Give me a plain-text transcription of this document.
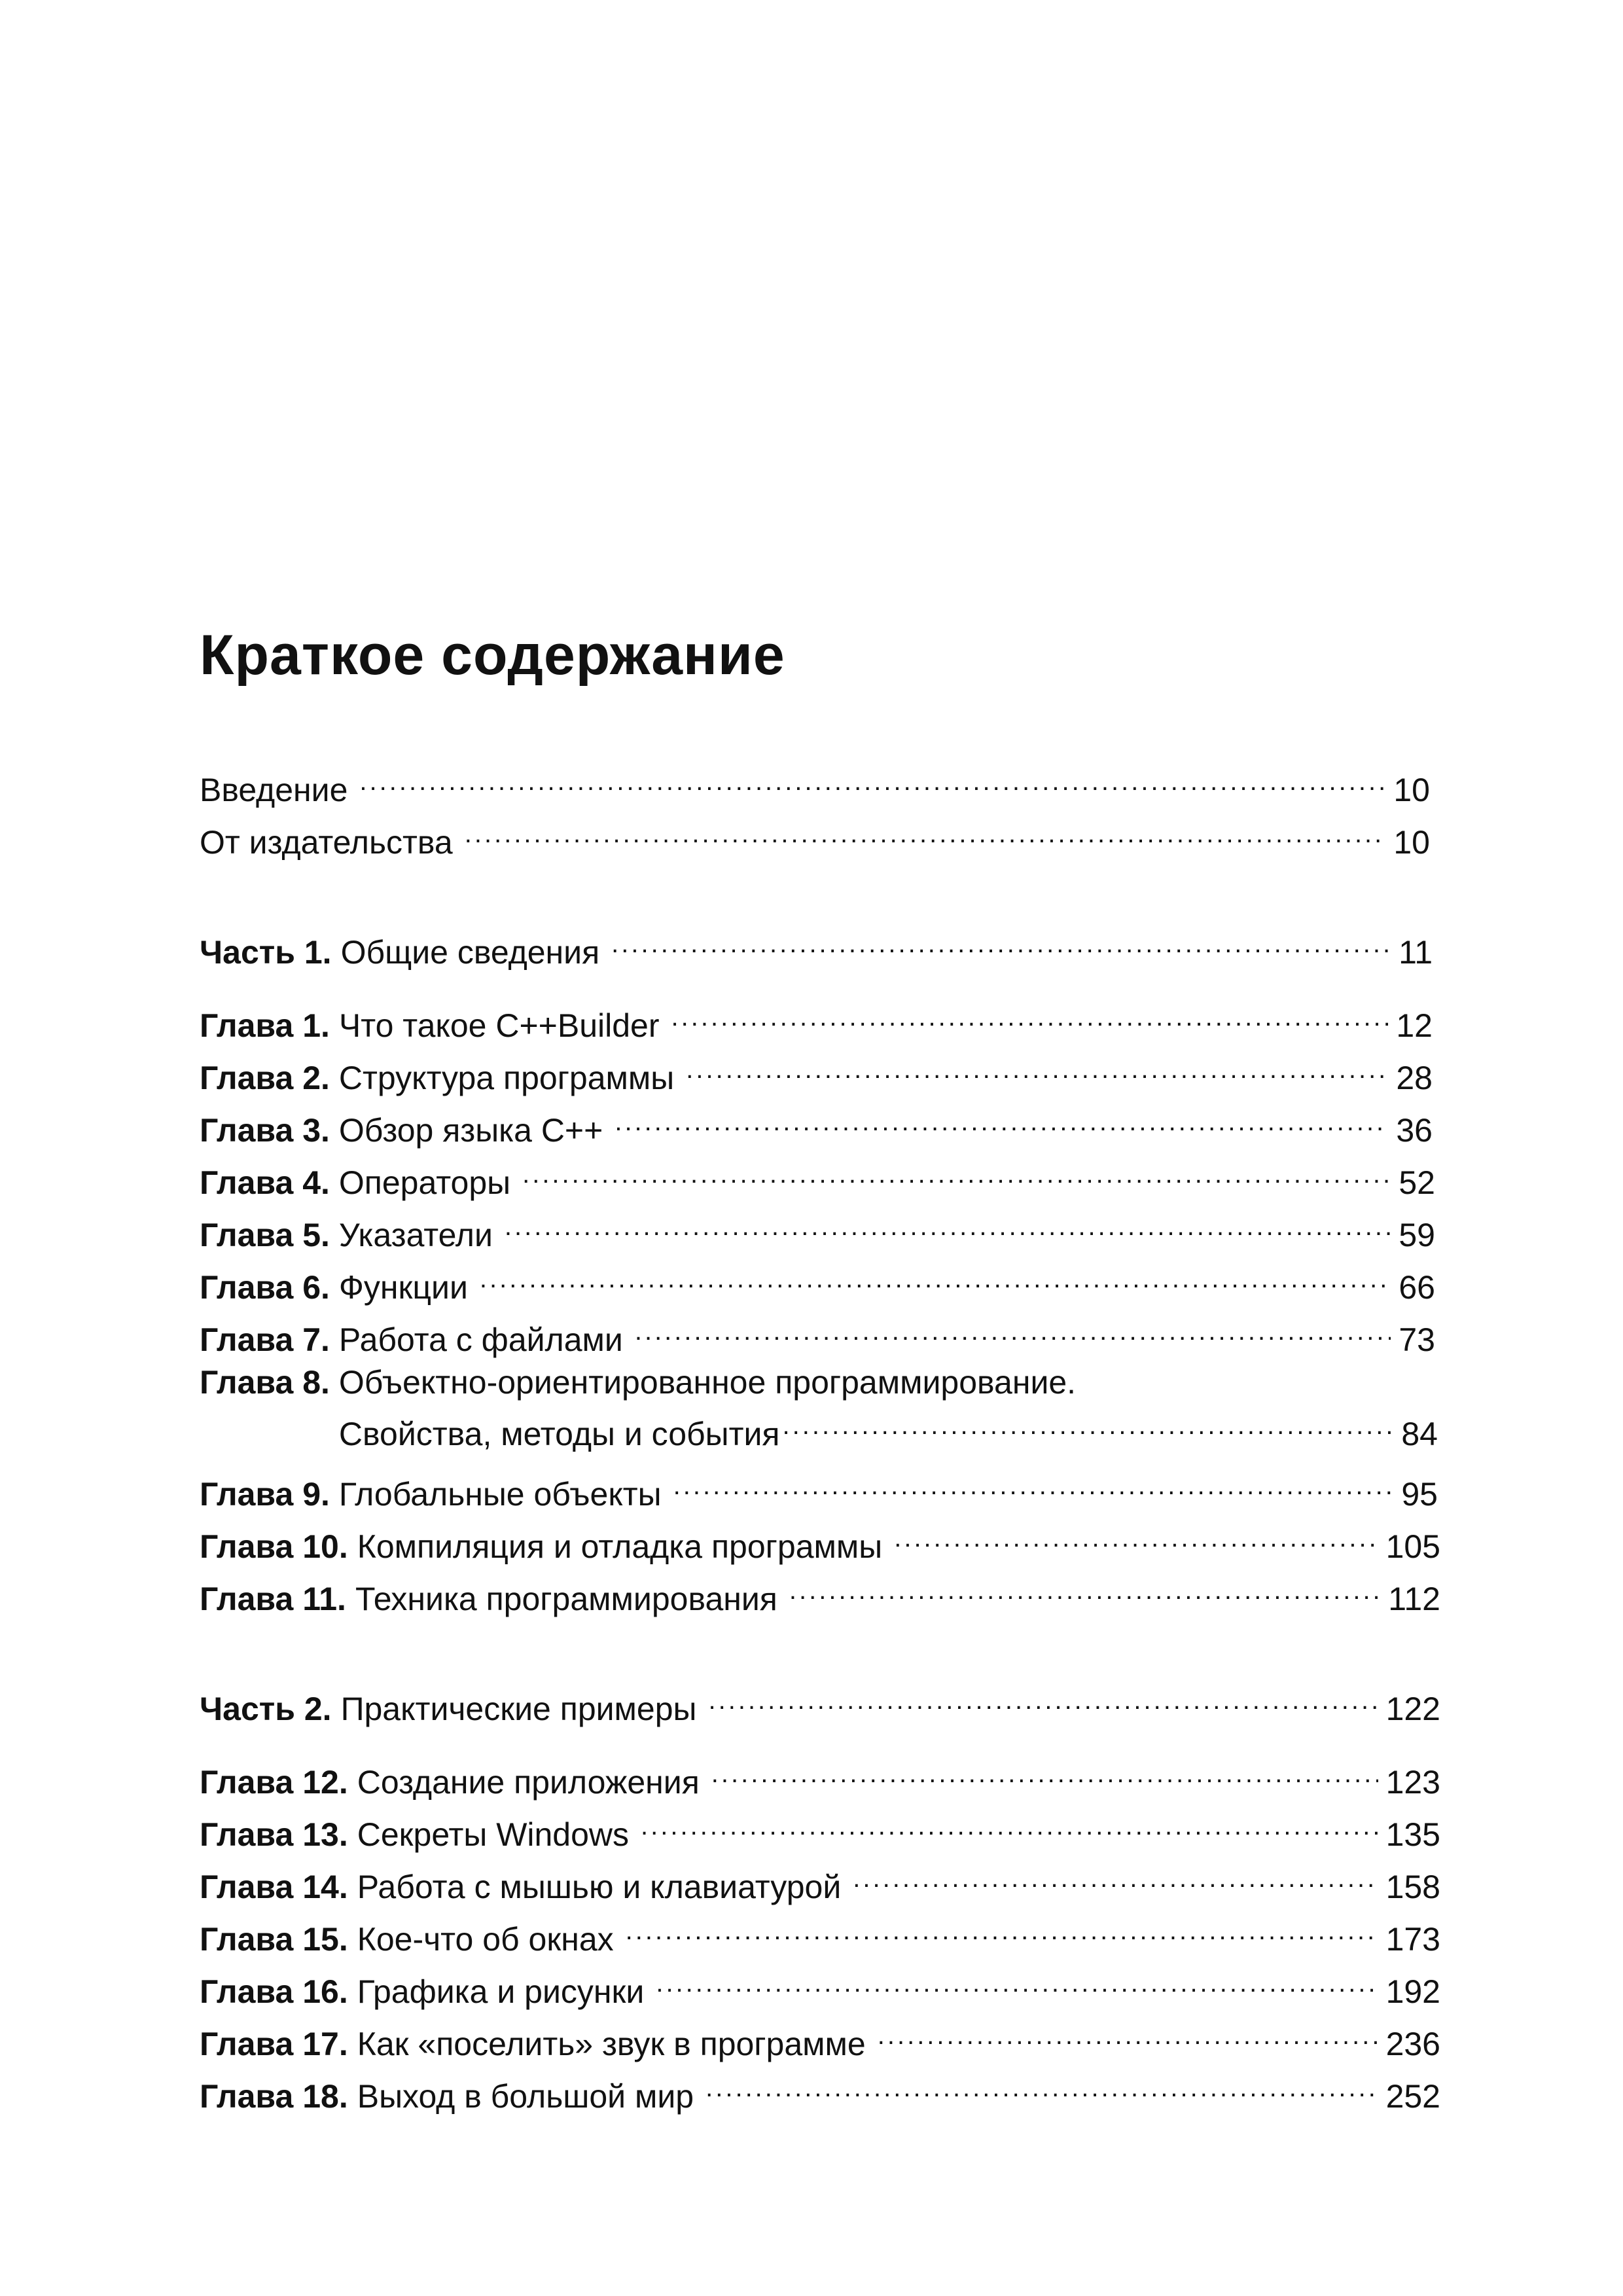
Краткое содержание
Введение .....	10
От издательства .....	10
Часть 1. Общие сведения .....	11
Глава 1. Что такое C++Builder .....	12
Глава 2. Структура программы .....	28
Глава 3. Обзор языка C++ .....	36
Глава 4. Операторы .....	52
Глава 5. Указатели .....	59
Глава 6. Функции .....	66
Глава 7. Работа с файлами .....	73
Глава 8. Объектно-ориентированное программирование.
Свойства, методы и события .....	84
Глава 9. Глобальные объекты .....	95
Глава 10. Компиляция и отладка программы .....	105
Глава 11. Техника программирования .....	112
Часть 2. Практические примеры .....	122
Глава 12. Создание приложения .....	123
Глава 13. Секреты Windows .....	135
Глава 14. Работа с мышью и клавиатурой .....	158
Глава 15. Кое-что об окнах .....	173
Глава 16. Графика и рисунки .....	192
Глава 17. Как «поселить» звук в программе .....	236
Глава 18. Выход в большой мир .....	252
